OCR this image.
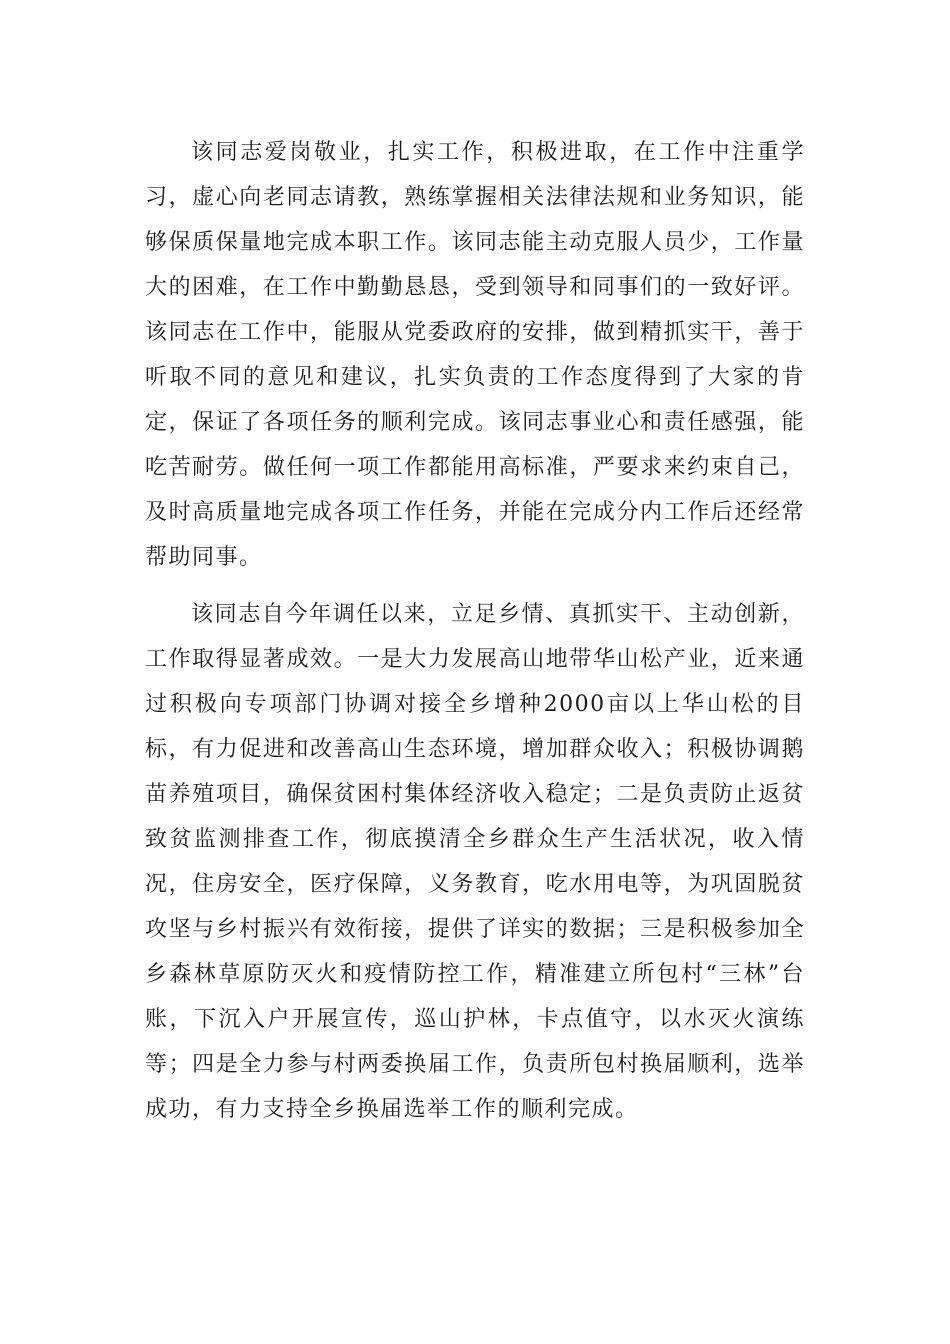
该同志爱岗敬业，扎实工作，积极进取，在工作中注重学习，虚心向老同志请教，熟练掌握相关法律法规和业务知识，能够保质保量地完成本职工作。该同志能主动克服人员少，工作量大的困难，在工作中勤勤恳恳，受到领导和同事们的一致好评。该同志在工作中，能服从党委政府的安排，做到精抓实干，善于听取不同的意见和建议，扎实负责的工作态度得到了大家的肯定，保证了各项任务的顺利完成。该同志事业心和责任感强，能吃苦耐劳。做任何一项工作都能用高标准，严要求来约束自己，及时高质量地完成各项工作任务，并能在完成分内工作后还经常帮助同事。

该同志自今年调任以来，立足乡情、真抓实干、主动创新，工作取得显著成效。一是大力发展高山地带华山松产业，近来通过积极向专项部门协调对接全乡增种2000亩以上华山松的目标，有力促进和改善高山生态环境，增加群众收入；积极协调鹅苗养殖项目，确保贫困村集体经济收入稳定；二是负责防止返贫致贫监测排查工作，彻底摸清全乡群众生产生活状况，收入情况，住房安全，医疗保障，义务教育，吃水用电等，为巩固脱贫攻坚与乡村振兴有效衔接，提供了详实的数据；三是积极参加全乡森林草原防灭火和疫情防控工作，精准建立所包村“三林”台账，下沉入户开展宣传，巡山护林，卡点值守，以水灭火演练等；四是全力参与村两委换届工作，负责所包村换届顺利，选举成功，有力支持全乡换届选举工作的顺利完成。
